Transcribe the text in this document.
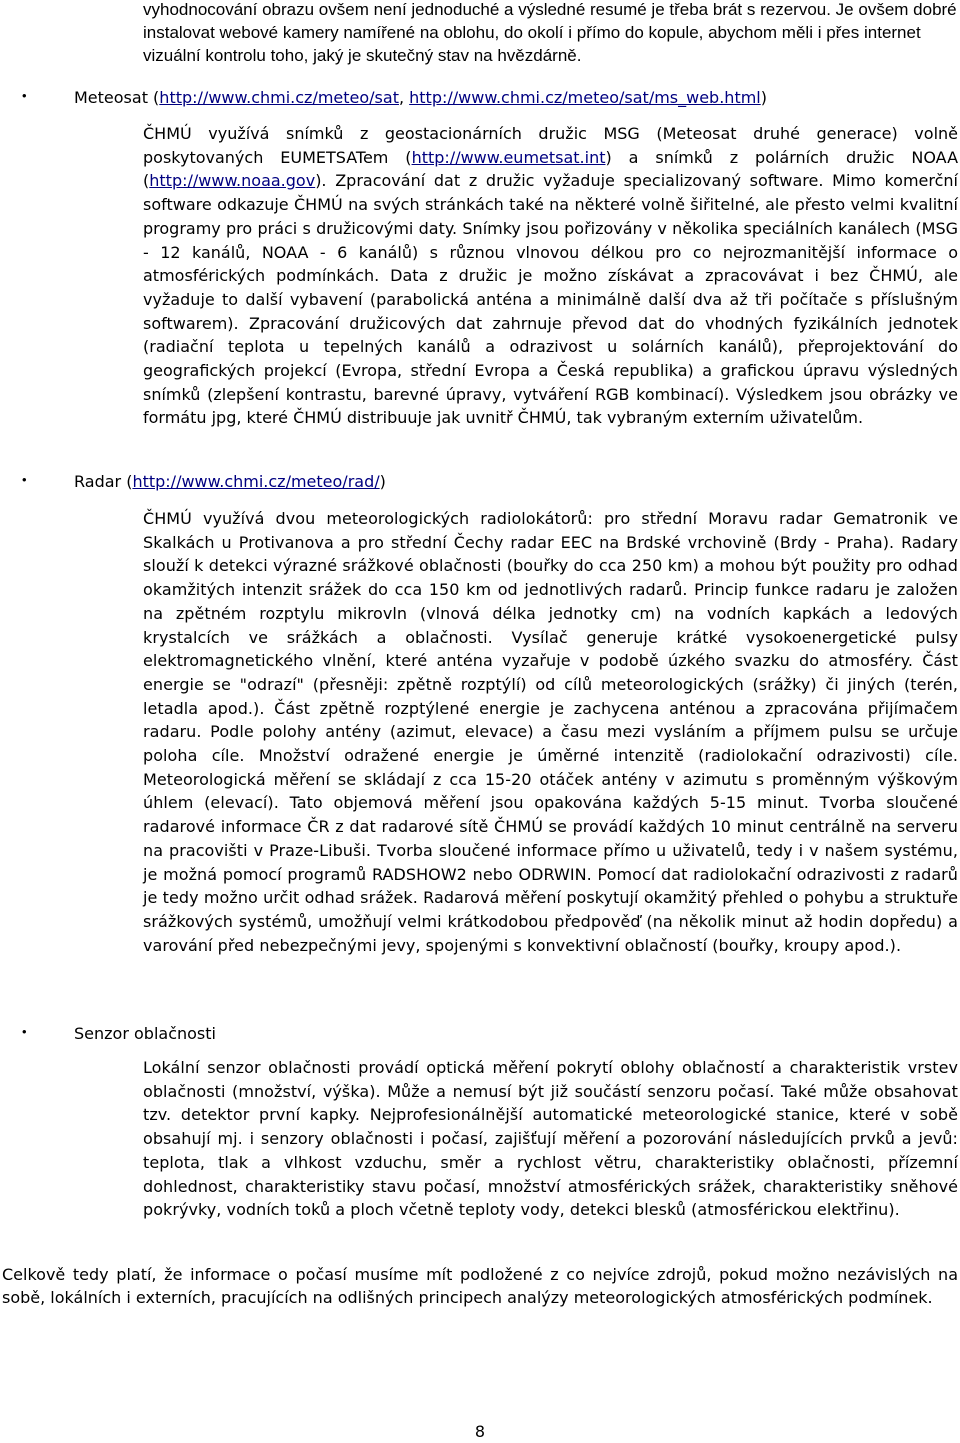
vyhodnocování obrazu ovšem není jednoduché a výsledné resumé je třeba brát s rezervou. Je ovšem dobré instalovat webové kamery namířené na oblohu, do okolí i přímo do kopule, abychom měli i přes internet vizuální kontrolu toho, jaký je skutečný stav na hvězdárně.
•	Meteosat (http://www.chmi.cz/meteo/sat, http://www.chmi.cz/meteo/sat/ms_web.html)
ČHMÚ využívá snímků z geostacionárních družic MSG (Meteosat druhé generace) volně poskytovaných EUMETSATem (http://www.eumetsat.int) a snímků z polárních družic NOAA (http://www.noaa.gov). Zpracování dat z družic vyžaduje specializovaný software. Mimo komerční software odkazuje ČHMÚ na svých stránkách také na některé volně šiřitelné, ale přesto velmi kvalitní programy pro práci s družicovými daty. Snímky jsou pořizovány v několika speciálních kanálech (MSG - 12 kanálů, NOAA - 6 kanálů) s různou vlnovou délkou pro co nejrozmanitější informace o atmosférických podmínkách. Data z družic je možno získávat a zpracovávat i bez ČHMÚ, ale vyžaduje to další vybavení (parabolická anténa a minimálně další dva až tři počítače s příslušným softwarem). Zpracování družicových dat zahrnuje převod dat do vhodných fyzikálních jednotek (radiační teplota u tepelných kanálů a odrazivost u solárních kanálů), přeprojektování do geografických projekcí (Evropa, střední Evropa a Česká republika) a grafickou úpravu výsledných snímků (zlepšení kontrastu, barevné úpravy, vytváření RGB kombinací). Výsledkem jsou obrázky ve formátu jpg, které ČHMÚ distribuuje jak uvnitř ČHMÚ, tak vybraným externím uživatelům.
•	Radar (http://www.chmi.cz/meteo/rad/)
ČHMÚ využívá dvou meteorologických radiolokátorů: pro střední Moravu radar Gematronik ve Skalkách u Protivanova a pro střední Čechy radar EEC na Brdské vrchovině (Brdy - Praha). Radary slouží k detekci výrazné srážkové oblačnosti (bouřky do cca 250 km) a mohou být použity pro odhad okamžitých intenzit srážek do cca 150 km od jednotlivých radarů. Princip funkce radaru je založen na zpětném rozptylu mikrovln (vlnová délka jednotky cm) na vodních kapkách a ledových krystalcích ve srážkách a oblačnosti. Vysílač generuje krátké vysokoenergetické pulsy elektromagnetického vlnění, které anténa vyzařuje v podobě úzkého svazku do atmosféry. Část energie se "odrazí" (přesněji: zpětně rozptýlí) od cílů meteorologických (srážky) či jiných (terén, letadla apod.). Část zpětně rozptýlené energie je zachycena anténou a zpracována přijímačem radaru. Podle polohy antény (azimut, elevace) a času mezi vysláním a příjmem pulsu se určuje poloha cíle. Množství odražené energie je úměrné intenzitě (radiolokační odrazivosti) cíle. Meteorologická měření se skládají z cca 15-20 otáček antény v azimutu s proměnným výškovým úhlem (elevací). Tato objemová měření jsou opakována každých 5-15 minut. Tvorba sloučené radarové informace ČR z dat radarové sítě ČHMÚ se provádí každých 10 minut centrálně na serveru na pracovišti v Praze-Libuši. Tvorba sloučené informace přímo u uživatelů, tedy i v našem systému, je možná pomocí programů RADSHOW2 nebo ODRWIN. Pomocí dat radiolokační odrazivosti z radarů je tedy možno určit odhad srážek. Radarová měření poskytují okamžitý přehled o pohybu a struktuře srážkových systémů, umožňují velmi krátkodobou předpověď (na několik minut až hodin dopředu) a varování před nebezpečnými jevy, spojenými s konvektivní oblačností (bouřky, kroupy apod.).
•	Senzor oblačnosti
Lokální senzor oblačnosti provádí optická měření pokrytí oblohy oblačností a charakteristik vrstev oblačnosti (množství, výška). Může a nemusí být již součástí senzoru počasí. Také může obsahovat tzv. detektor první kapky. Nejprofesionálnější automatické meteorologické stanice, které v sobě obsahují mj. i senzory oblačnosti i počasí, zajišťují měření a pozorování následujících prvků a jevů: teplota, tlak a vlhkost vzduchu, směr a rychlost větru, charakteristiky oblačnosti, přízemní dohlednost, charakteristiky stavu počasí, množství atmosférických srážek, charakteristiky sněhové pokrývky, vodních toků a ploch včetně teploty vody, detekci blesků (atmosférickou elektřinu).
Celkově tedy platí, že informace o počasí musíme mít podložené z co nejvíce zdrojů, pokud možno nezávislých na sobě, lokálních i externích, pracujících na odlišných principech analýzy meteorologických atmosférických podmínek.
8
